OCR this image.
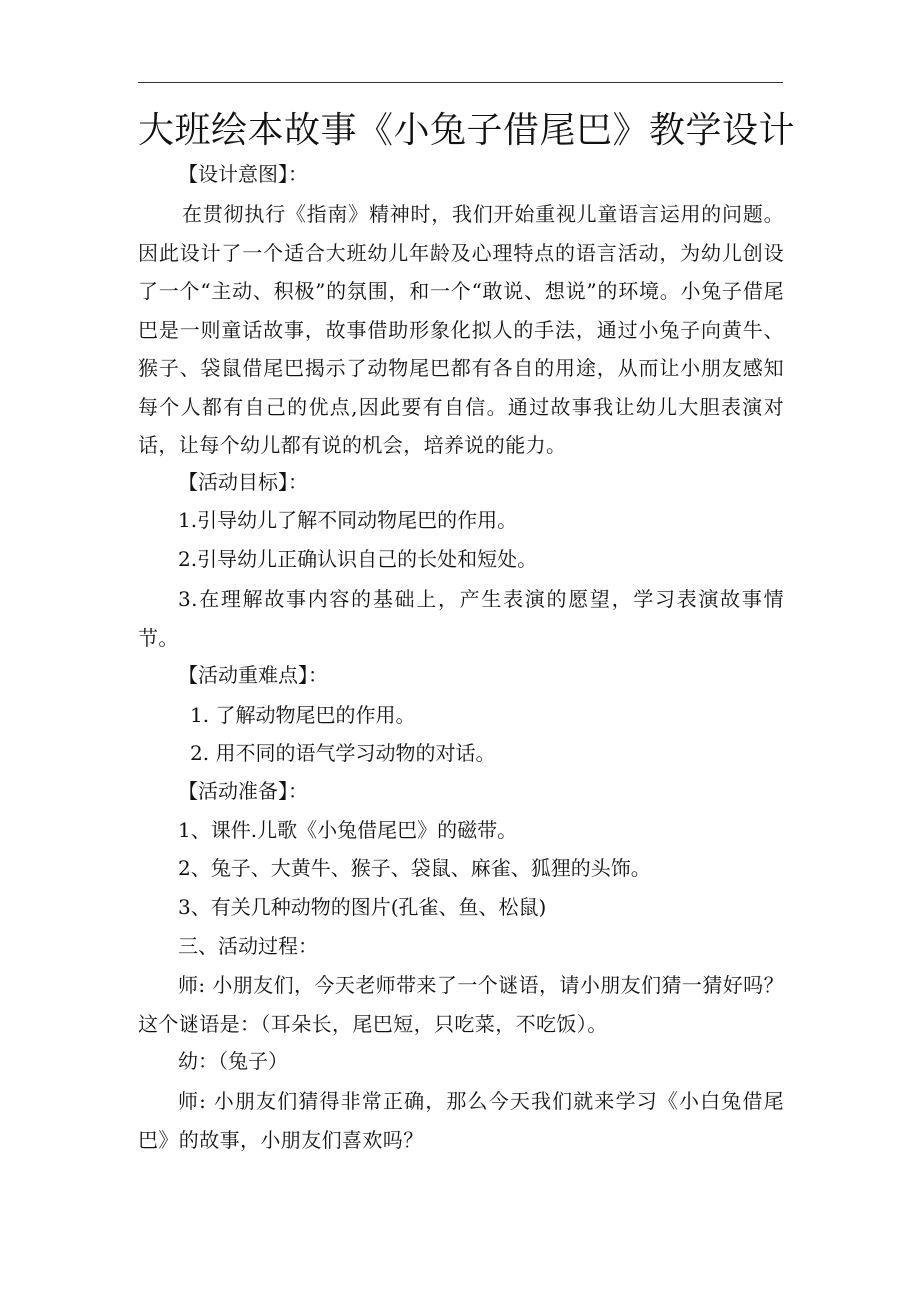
大班绘本故事《小兔子借尾巴》教学设计
【设计意图】：
在贯彻执行《指南》精神时，我们开始重视儿童语言运用的问题。因此设计了一个适合大班幼儿年龄及心理特点的语言活动，为幼儿创设了一个“主动、积极”的氛围，和一个“敢说、想说”的环境。小兔子借尾巴是一则童话故事，故事借助形象化拟人的手法，通过小兔子向黄牛、猴子、袋鼠借尾巴揭示了动物尾巴都有各自的用途，从而让小朋友感知每个人都有自己的优点,因此要有自信。通过故事我让幼儿大胆表演对话，让每个幼儿都有说的机会，培养说的能力。
【活动目标】：
1.引导幼儿了解不同动物尾巴的作用。
2.引导幼儿正确认识自己的长处和短处。
3.在理解故事内容的基础上，产生表演的愿望，学习表演故事情节。
【活动重难点】：
1. 了解动物尾巴的作用。
2. 用不同的语气学习动物的对话。
【活动准备】：
1、课件.儿歌《小兔借尾巴》的磁带。
2、兔子、大黄牛、猴子、袋鼠、麻雀、狐狸的头饰。
3、有关几种动物的图片(孔雀、鱼、松鼠)
三、活动过程：
师: 小朋友们，今天老师带来了一个谜语，请小朋友们猜一猜好吗？这个谜语是：（耳朵长，尾巴短，只吃菜，不吃饭）。
幼：（兔子）
师: 小朋友们猜得非常正确，那么今天我们就来学习《小白兔借尾巴》的故事，小朋友们喜欢吗？
